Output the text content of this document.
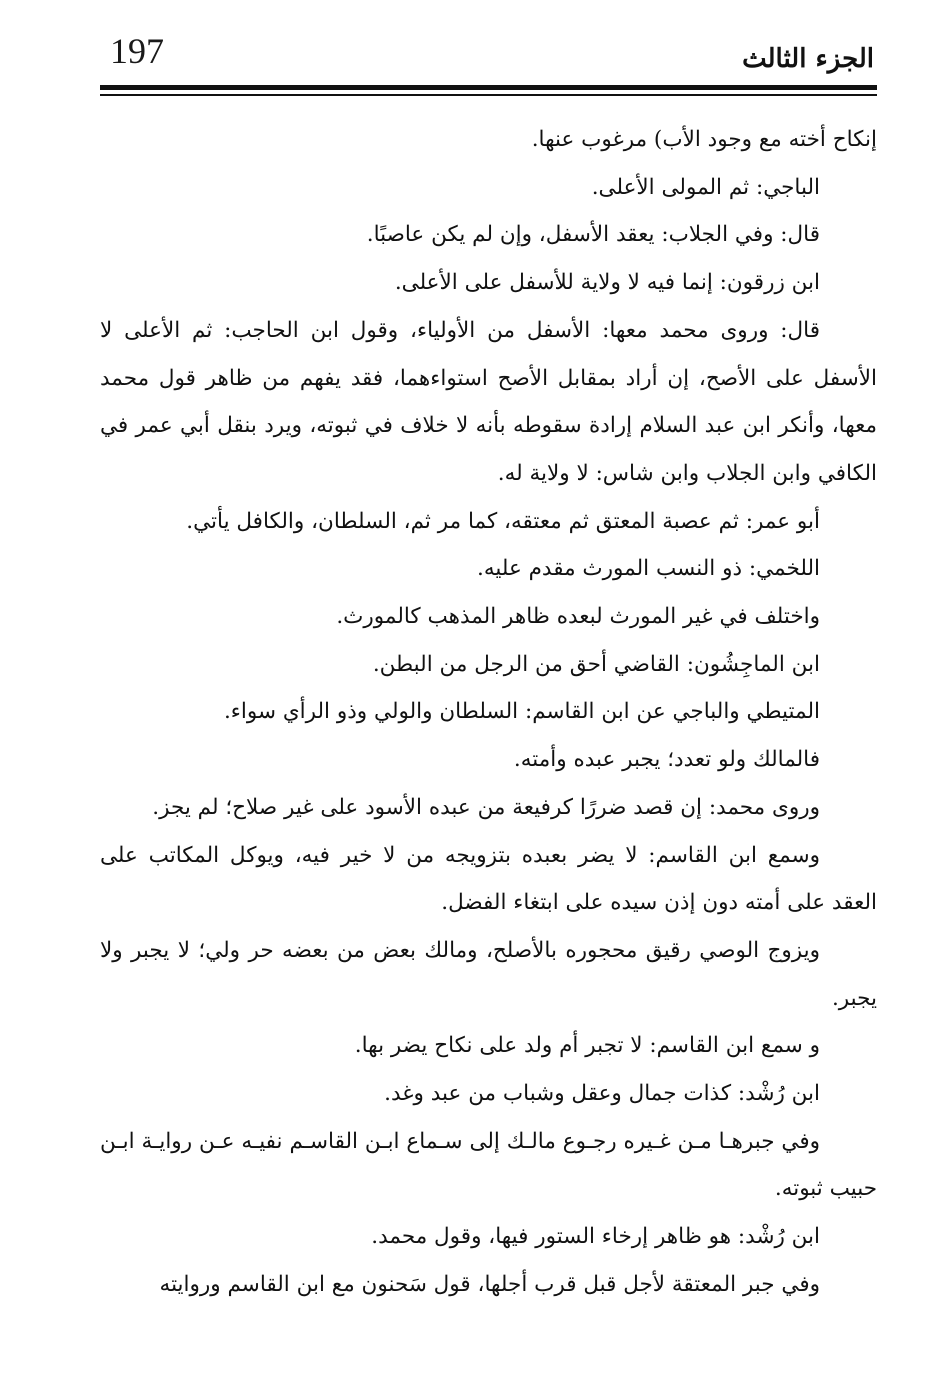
197	الجزء الثالث

إنكاح أخته مع وجود الأب) مرغوب عنها.

الباجي: ثم المولى الأعلى.

قال: وفي الجلاب: يعقد الأسفل، وإن لم يكن عاصبًا.

ابن زرقون: إنما فيه لا ولاية للأسفل على الأعلى.

قال: وروى محمد معها: الأسفل من الأولياء، وقول ابن الحاجب: ثم الأعلى لا الأسفل على الأصح، إن أراد بمقابل الأصح استواءهما، فقد يفهم من ظاهر قول محمد معها، وأنكر ابن عبد السلام إرادة سقوطه بأنه لا خلاف في ثبوته، ويرد بنقل أبي عمر في الكافي وابن الجلاب وابن شاس: لا ولاية له.

أبو عمر: ثم عصبة المعتق ثم معتقه، كما مر ثم، السلطان، والكافل يأتي.

اللخمي: ذو النسب المورث مقدم عليه.

واختلف في غير المورث لبعده ظاهر المذهب كالمورث.

ابن الماجِشُون: القاضي أحق من الرجل من البطن.

المتيطي والباجي عن ابن القاسم: السلطان والولي وذو الرأي سواء.

فالمالك ولو تعدد؛ يجبر عبده وأمته.

وروى محمد: إن قصد ضررًا كرفيعة من عبده الأسود على غير صلاح؛ لم يجز.

وسمع ابن القاسم: لا يضر بعبده بتزويجه من لا خير فيه، ويوكل المكاتب على العقد على أمته دون إذن سيده على ابتغاء الفضل.

ويزوج الوصي رقيق محجوره بالأصلح، ومالك بعض من بعضه حر ولي؛ لا يجبر ولا يجبر.

و سمع ابن القاسم: لا تجبر أم ولد على نكاح يضر بها.

ابن رُشْد: كذات جمال وعقل وشباب من عبد وغد.

وفي جبرهـا مـن غـيره رجـوع مالـك إلى سـماع ابـن القاسـم نفيـه عـن روايـة ابـن حبيب ثبوته.

ابن رُشْد: هو ظاهر إرخاء الستور فيها، وقول محمد.

وفي جبر المعتقة لأجل قبل قرب أجلها، قول سَحنون مع ابن القاسم وروايته
